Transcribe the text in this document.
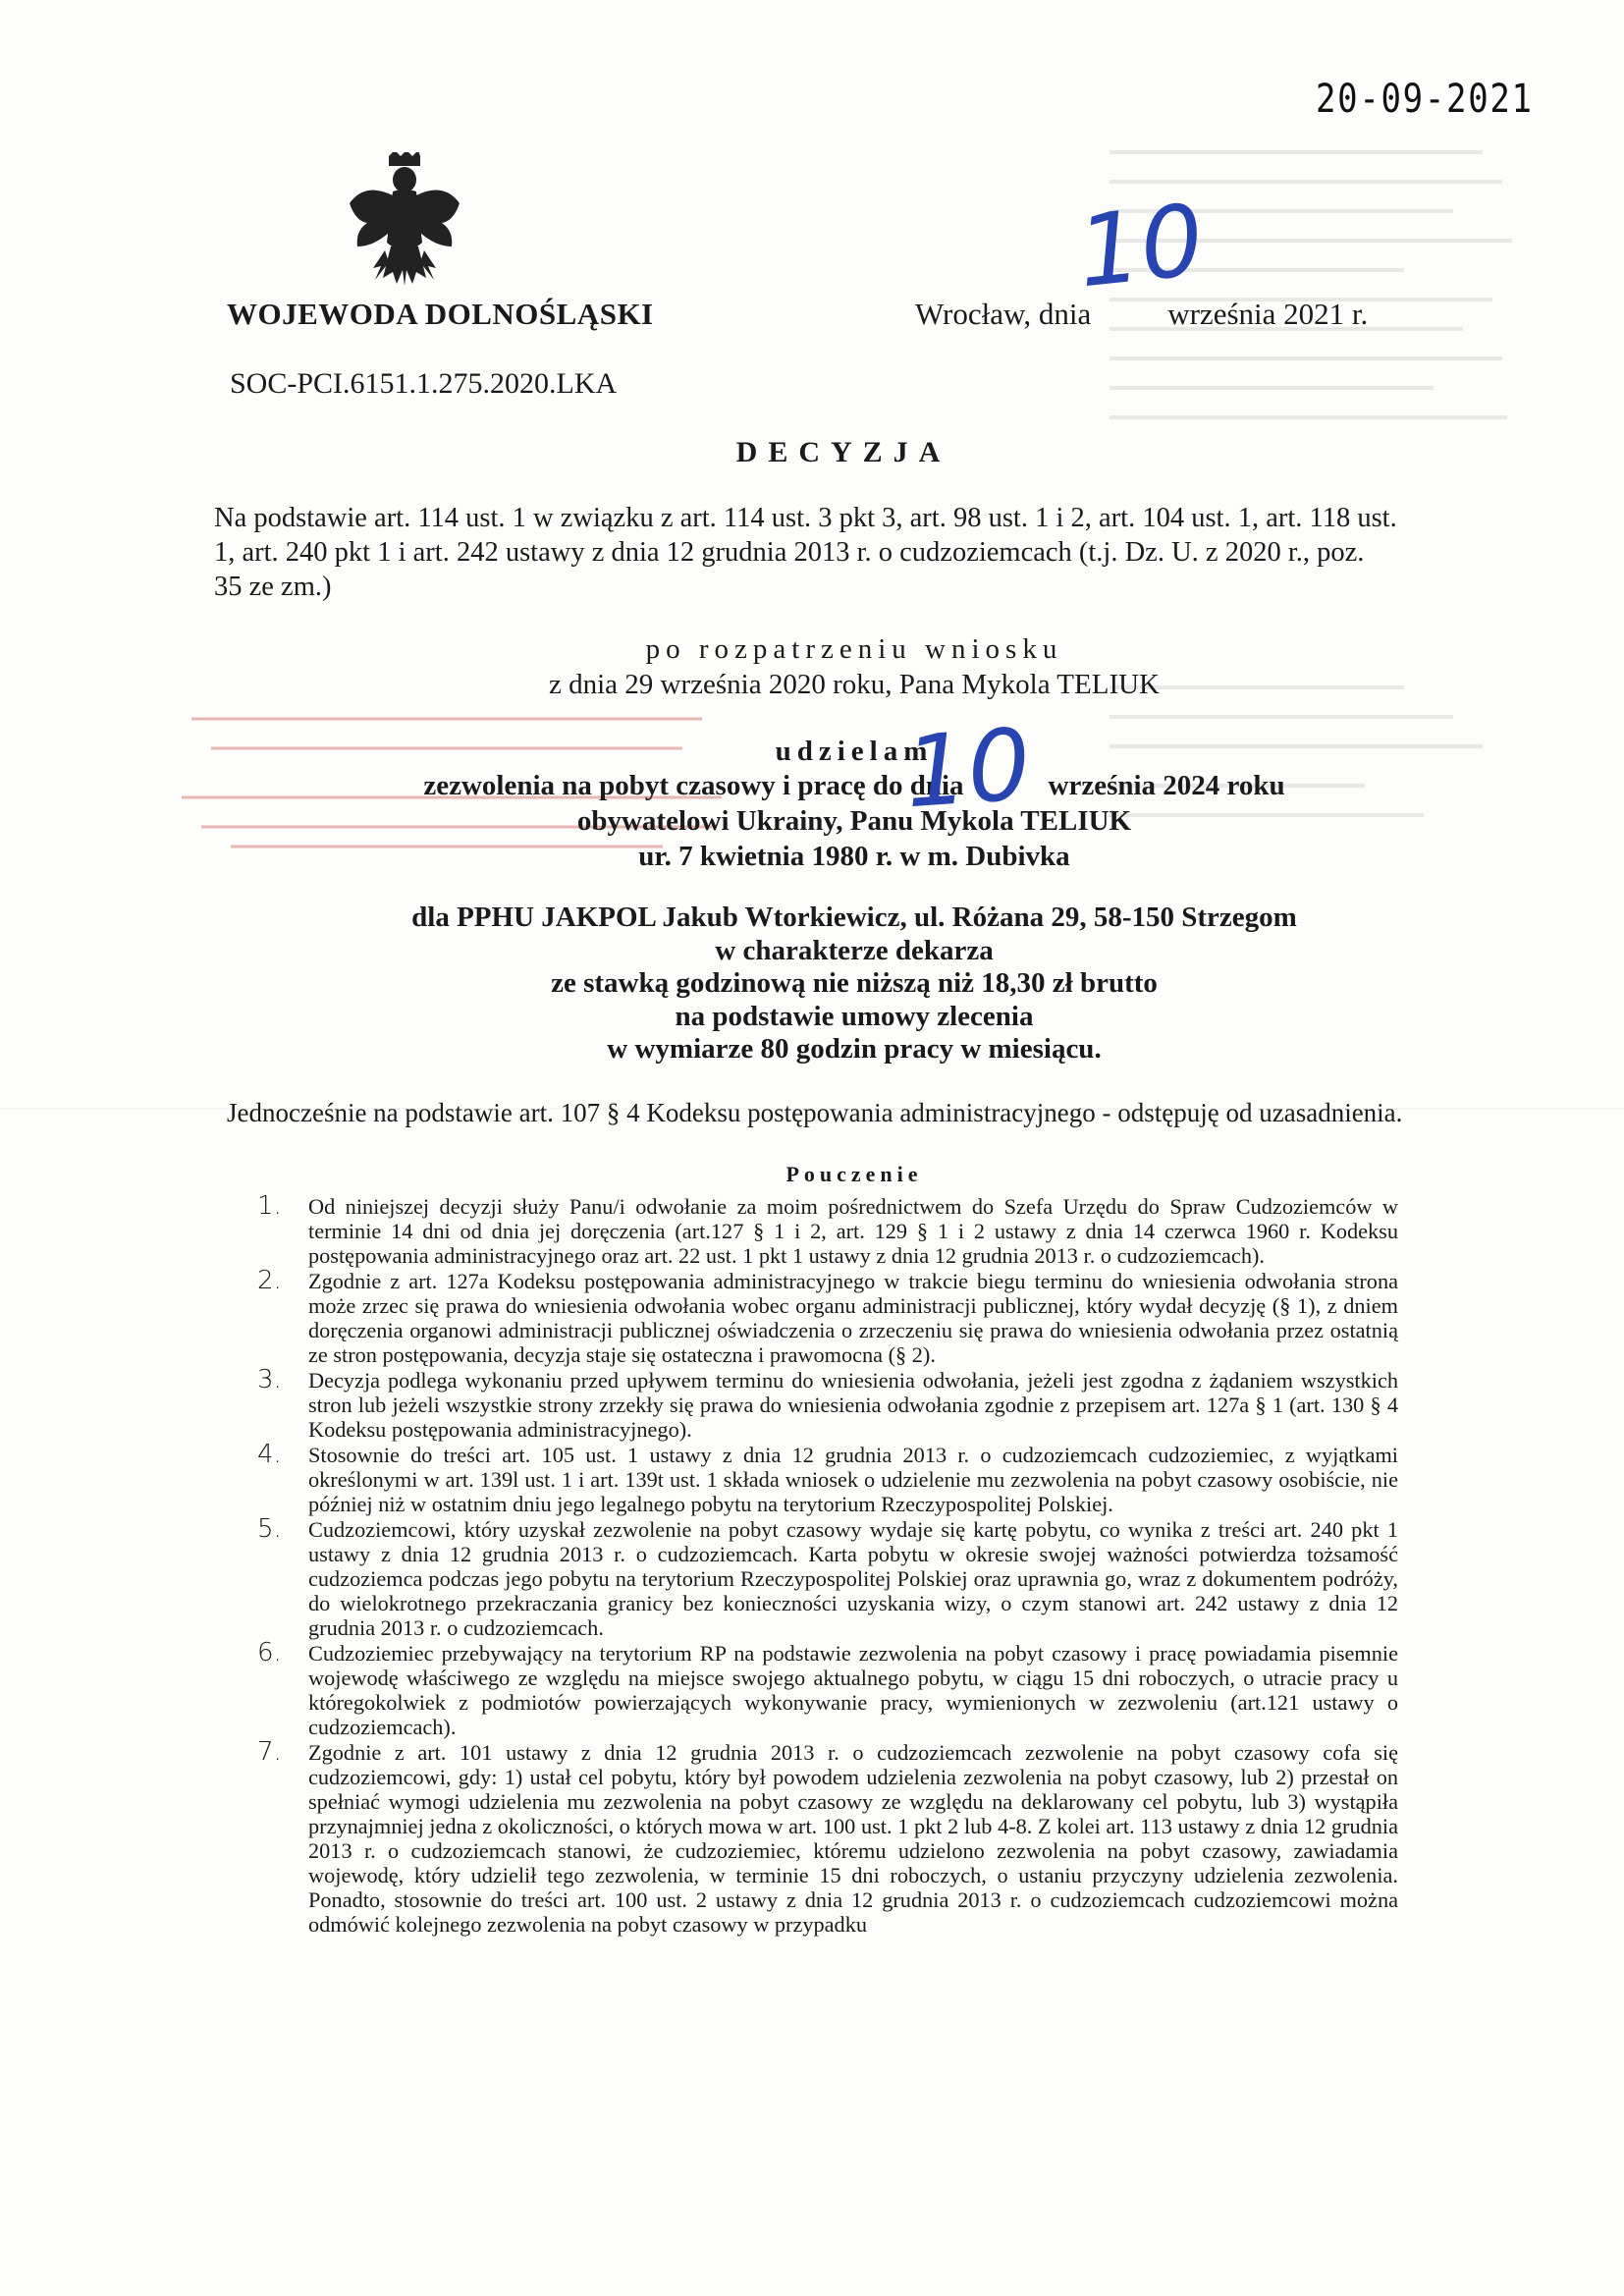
20-09-2021
WOJEWODA DOLNOŚLĄSKI	Wrocław, dnia	września 2021 r.
10
SOC-PCI.6151.1.275.2020.LKA
DECYZJA
Na podstawie art. 114 ust. 1 w związku z art. 114 ust. 3 pkt 3, art. 98 ust. 1 i 2, art. 104 ust. 1, art. 118 ust. 1, art. 240 pkt 1 i art. 242 ustawy z dnia 12 grudnia 2013 r. o cudzoziemcach (t.j. Dz. U. z 2020 r., poz. 35 ze zm.)
po rozpatrzeniu wniosku
z dnia 29 września 2020 roku, Pana Mykola TELIUK
udzielam
zezwolenia na pobyt czasowy i pracę do dnia	września 2024 roku
obywatelowi Ukrainy, Panu Mykola TELIUK
ur. 7 kwietnia 1980 r. w m. Dubivka
10
dla PPHU JAKPOL Jakub Wtorkiewicz, ul. Różana 29, 58-150 Strzegom
w charakterze dekarza
ze stawką godzinową nie niższą niż 18,30 zł brutto
na podstawie umowy zlecenia
w wymiarze 80 godzin pracy w miesiącu.
Jednocześnie na podstawie art. 107 § 4 Kodeksu postępowania administracyjnego - odstępuję od uzasadnienia.
Pouczenie
1. Od niniejszej decyzji służy Panu/i odwołanie za moim pośrednictwem do Szefa Urzędu do Spraw Cudzoziemców w terminie 14 dni od dnia jej doręczenia (art.127 § 1 i 2, art. 129 § 1 i 2 ustawy z dnia 14 czerwca 1960 r. Kodeksu postępowania administracyjnego oraz art. 22 ust. 1 pkt 1 ustawy z dnia 12 grudnia 2013 r. o cudzoziemcach).
2. Zgodnie z art. 127a Kodeksu postępowania administracyjnego w trakcie biegu terminu do wniesienia odwołania strona może zrzec się prawa do wniesienia odwołania wobec organu administracji publicznej, który wydał decyzję (§ 1), z dniem doręczenia organowi administracji publicznej oświadczenia o zrzeczeniu się prawa do wniesienia odwołania przez ostatnią ze stron postępowania, decyzja staje się ostateczna i prawomocna (§ 2).
3. Decyzja podlega wykonaniu przed upływem terminu do wniesienia odwołania, jeżeli jest zgodna z żądaniem wszystkich stron lub jeżeli wszystkie strony zrzekły się prawa do wniesienia odwołania zgodnie z przepisem art. 127a § 1 (art. 130 § 4 Kodeksu postępowania administracyjnego).
4. Stosownie do treści art. 105 ust. 1 ustawy z dnia 12 grudnia 2013 r. o cudzoziemcach cudzoziemiec, z wyjątkami określonymi w art. 139l ust. 1 i art. 139t ust. 1 składa wniosek o udzielenie mu zezwolenia na pobyt czasowy osobiście, nie później niż w ostatnim dniu jego legalnego pobytu na terytorium Rzeczypospolitej Polskiej.
5. Cudzoziemcowi, który uzyskał zezwolenie na pobyt czasowy wydaje się kartę pobytu, co wynika z treści art. 240 pkt 1 ustawy z dnia 12 grudnia 2013 r. o cudzoziemcach. Karta pobytu w okresie swojej ważności potwierdza tożsamość cudzoziemca podczas jego pobytu na terytorium Rzeczypospolitej Polskiej oraz uprawnia go, wraz z dokumentem podróży, do wielokrotnego przekraczania granicy bez konieczności uzyskania wizy, o czym stanowi art. 242 ustawy z dnia 12 grudnia 2013 r. o cudzoziemcach.
6. Cudzoziemiec przebywający na terytorium RP na podstawie zezwolenia na pobyt czasowy i pracę powiadamia pisemnie wojewodę właściwego ze względu na miejsce swojego aktualnego pobytu, w ciągu 15 dni roboczych, o utracie pracy u któregokolwiek z podmiotów powierzających wykonywanie pracy, wymienionych w zezwoleniu (art.121 ustawy o cudzoziemcach).
7. Zgodnie z art. 101 ustawy z dnia 12 grudnia 2013 r. o cudzoziemcach zezwolenie na pobyt czasowy cofa się cudzoziemcowi, gdy: 1) ustał cel pobytu, który był powodem udzielenia zezwolenia na pobyt czasowy, lub 2) przestał on spełniać wymogi udzielenia mu zezwolenia na pobyt czasowy ze względu na deklarowany cel pobytu, lub 3) wystąpiła przynajmniej jedna z okoliczności, o których mowa w art. 100 ust. 1 pkt 2 lub 4-8. Z kolei art. 113 ustawy z dnia 12 grudnia 2013 r. o cudzoziemcach stanowi, że cudzoziemiec, któremu udzielono zezwolenia na pobyt czasowy, zawiadamia wojewodę, który udzielił tego zezwolenia, w terminie 15 dni roboczych, o ustaniu przyczyny udzielenia zezwolenia. Ponadto, stosownie do treści art. 100 ust. 2 ustawy z dnia 12 grudnia 2013 r. o cudzoziemcach cudzoziemcowi można odmówić kolejnego zezwolenia na pobyt czasowy w przypadku
